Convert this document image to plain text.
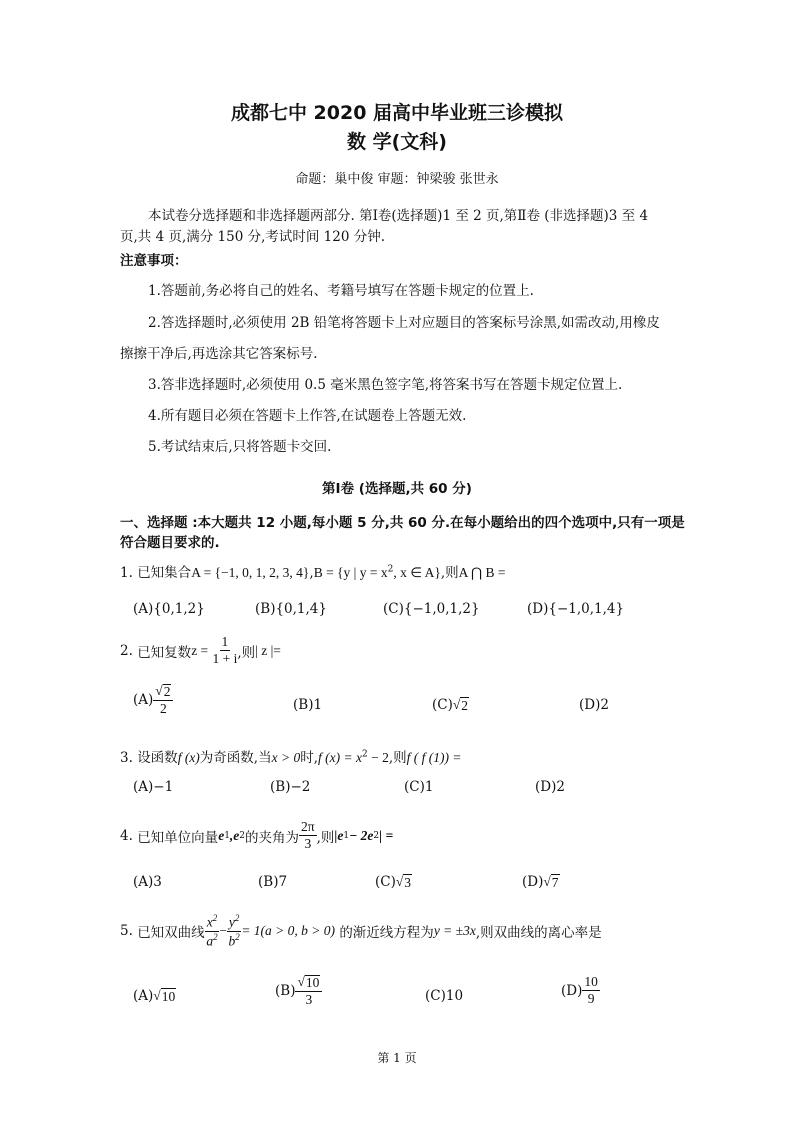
成都七中 2020 届高中毕业班三诊模拟
数 学(文科)
命题：巢中俊 审题：钟梁骏 张世永
本试卷分选择题和非选择题两部分. 第Ⅰ卷(选择题)1 至 2 页,第Ⅱ卷 (非选择题)3 至 4
页,共 4 页,满分 150 分,考试时间 120 分钟.
注意事项：
1.答题前,务必将自己的姓名、考籍号填写在答题卡规定的位置上.
2.答选择题时,必须使用 2B 铅笔将答题卡上对应题目的答案标号涂黑,如需改动,用橡皮
擦擦干净后,再选涂其它答案标号.
3.答非选择题时,必须使用 0.5 毫米黑色签字笔,将答案书写在答题卡规定位置上.
4.所有题目必须在答题卡上作答,在试题卷上答题无效.
5.考试结束后,只将答题卡交回.
第Ⅰ卷 (选择题,共 60 分)
一、选择题 :本大题共 12 小题,每小题 5 分,共 60 分.在每小题给出的四个选项中,只有一项是
符合题目要求的.
1. 已知集合A = {−1, 0, 1, 2, 3, 4},B = {y | $y = x^2$, x ∈ A},则A ⋂ B =
(A){0,1,2}	(B){0,1,4}	(C){−1,0,1,2}	(D){−1,0,1,4}
2.
已知复数 z =
$\frac{1}{1 + i}$ ,则 | z |=
$(A) \frac{√ 2}{2}$	(B)1	(C) √ 2	(D)2
3. 设函数f (x)为奇函数,当x > 0时,f $(x) = x^2 - 2$,则f ( f (1)) =
(A)−1	(B)−2	(C)1	(D)2
4.
已知单位向量 e 1 , e 2 的夹角为 $\frac{2\pi}{3}$ ,则 |e 1 − 2e 2 | =
(A)3	(B)7	(C) √ 3	(D) √ 7
5.
已知双曲线 $\frac{x^2}{a^2} - \frac{y^2}{b^2} = 1(a > 0$, b > 0)
的渐近线方程为 y = ±3x ,则双曲线的离心率是
(A) √ 10	$(B) \frac{√ 10}{3}$	(C)10	$(D) \frac{10}{9}$
第 1 页
